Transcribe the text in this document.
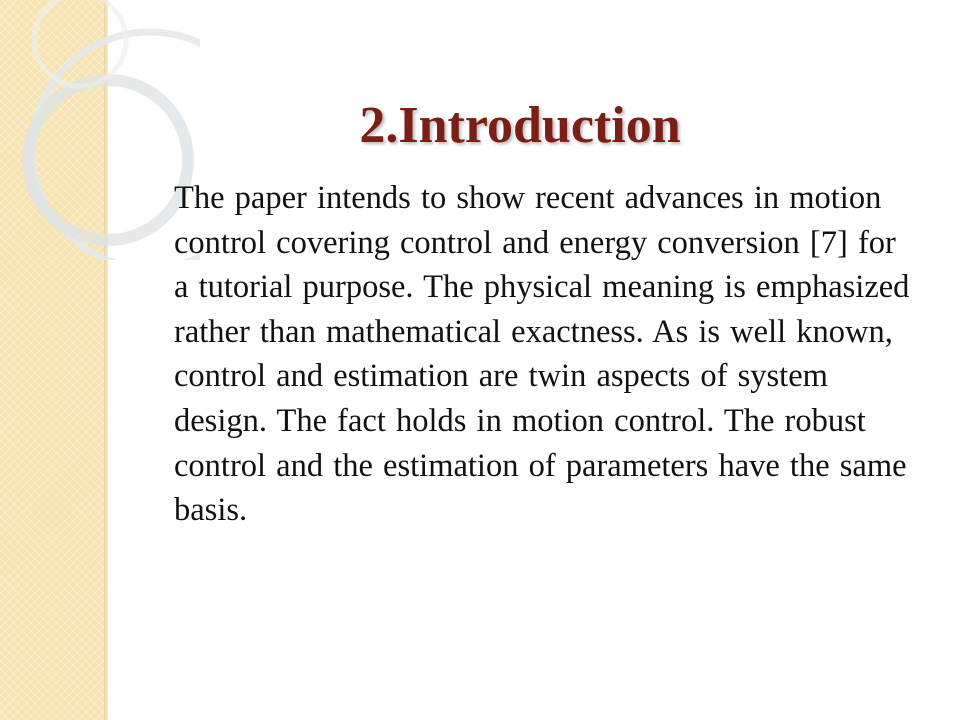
2.Introduction

The paper intends to show recent advances in motion control covering control and energy conversion [7] for a tutorial purpose. The physical meaning is emphasized rather than mathematical exactness. As is well known, control and estimation are twin aspects of system design. The fact holds in motion control. The robust control and the estimation of parameters have the same basis.
